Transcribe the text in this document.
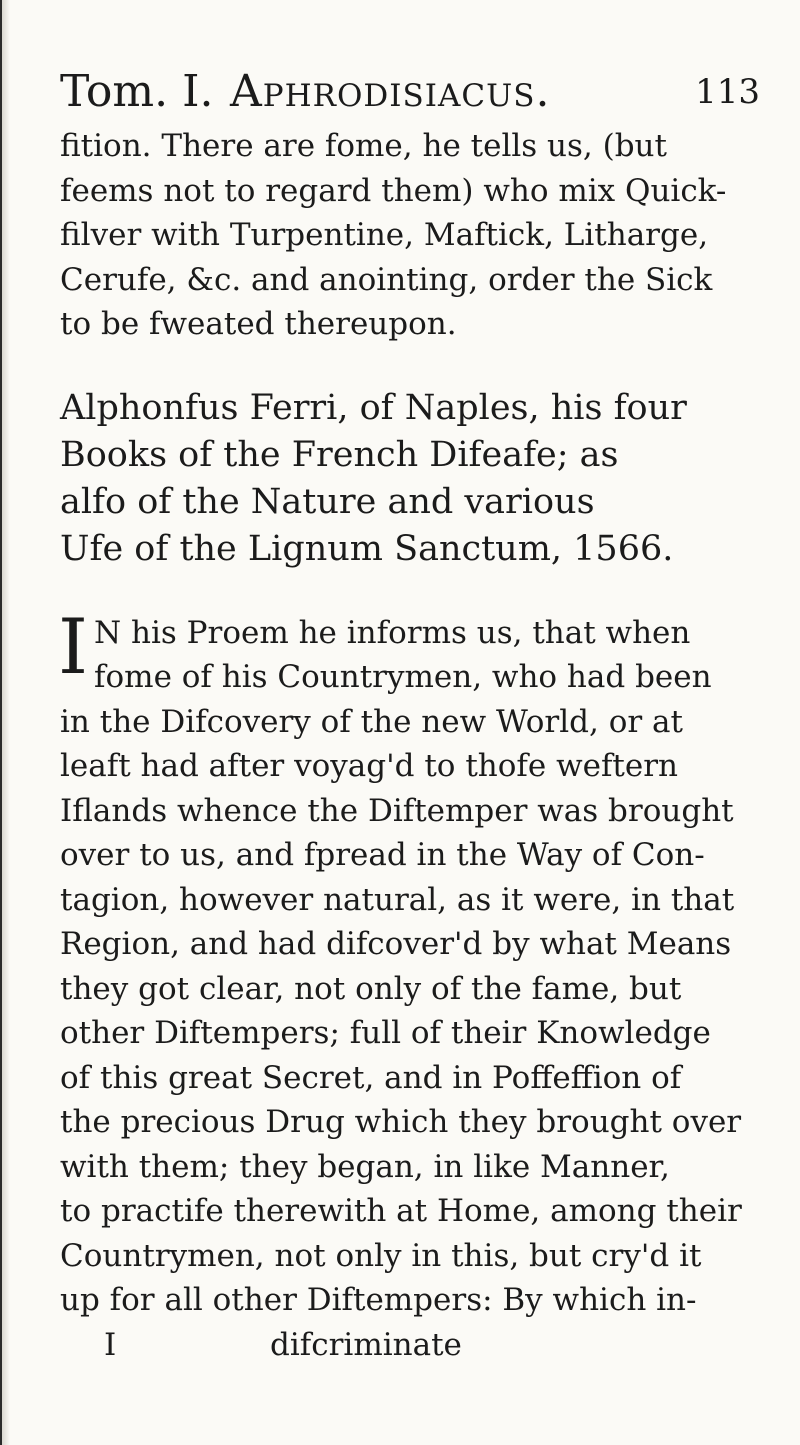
Tom. I. Aphrodisiacus.	113

fition. There are fome, he tells us, (but
feems not to regard them) who mix Quick-
filver with Turpentine, Maftick, Litharge,
Cerufe, &c. and anointing, order the Sick
to be fweated thereupon.

Alphonfus Ferri, of Naples, his four
Books of the French Difeafe; as
alfo of the Nature and various
Ufe of the Lignum Sanctum, 1566.
I N his Proem he informs us, that when
fome of his Countrymen, who had been
in the Difcovery of the new World, or at
leaft had after voyag'd to thofe weftern
Iflands whence the Diftemper was brought
over to us, and fpread in the Way of Con-
tagion, however natural, as it were, in that
Region, and had difcover'd by what Means
they got clear, not only of the fame, but
other Diftempers; full of their Knowledge
of this great Secret, and in Poffeffion of
the precious Drug which they brought over
with them; they began, in like Manner,
to practife therewith at Home, among their
Countrymen, not only in this, but cry'd it
up for all other Diftempers: By which in-
I	difcriminate
